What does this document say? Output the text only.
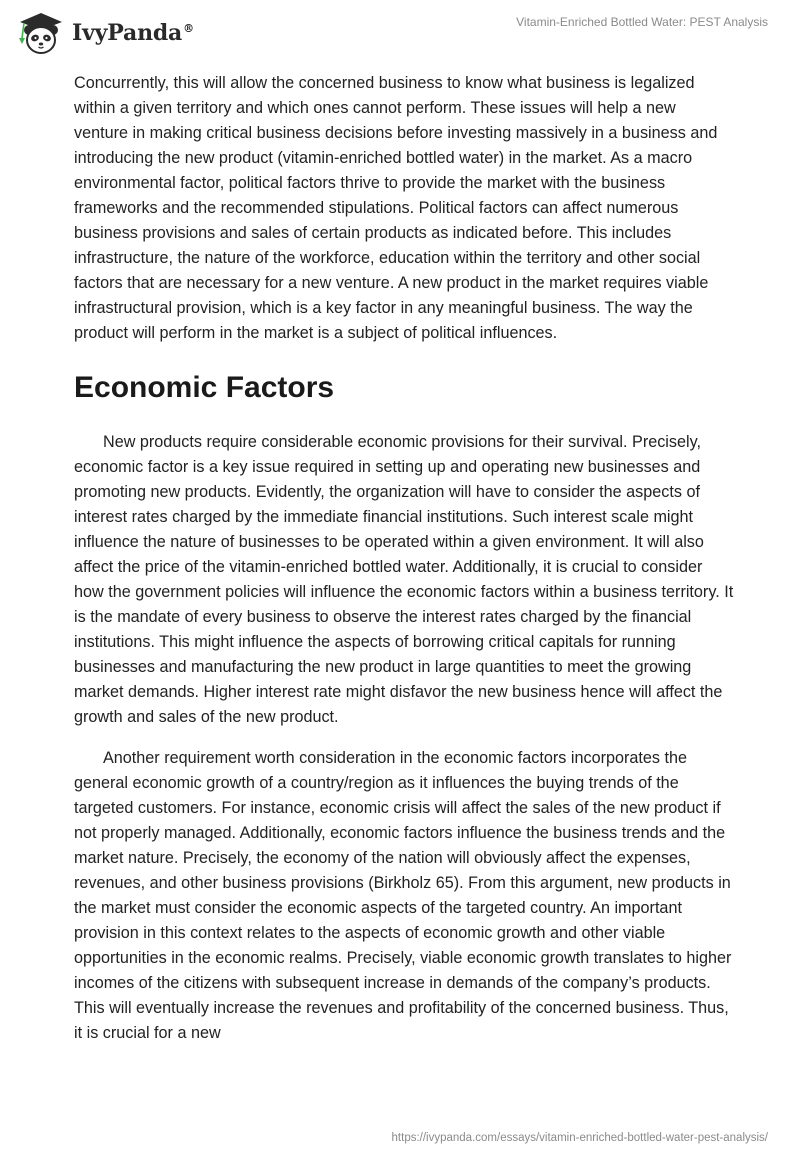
IvyPanda®	Vitamin-Enriched Bottled Water: PEST Analysis

Concurrently, this will allow the concerned business to know what business is legalized within a given territory and which ones cannot perform. These issues will help a new venture in making critical business decisions before investing massively in a business and introducing the new product (vitamin-enriched bottled water) in the market. As a macro environmental factor, political factors thrive to provide the market with the business frameworks and the recommended stipulations. Political factors can affect numerous business provisions and sales of certain products as indicated before. This includes infrastructure, the nature of the workforce, education within the territory and other social factors that are necessary for a new venture. A new product in the market requires viable infrastructural provision, which is a key factor in any meaningful business. The way the product will perform in the market is a subject of political influences.

Economic Factors

New products require considerable economic provisions for their survival. Precisely, economic factor is a key issue required in setting up and operating new businesses and promoting new products. Evidently, the organization will have to consider the aspects of interest rates charged by the immediate financial institutions. Such interest scale might influence the nature of businesses to be operated within a given environment. It will also affect the price of the vitamin-enriched bottled water. Additionally, it is crucial to consider how the government policies will influence the economic factors within a business territory. It is the mandate of every business to observe the interest rates charged by the financial institutions. This might influence the aspects of borrowing critical capitals for running businesses and manufacturing the new product in large quantities to meet the growing market demands. Higher interest rate might disfavor the new business hence will affect the growth and sales of the new product.

Another requirement worth consideration in the economic factors incorporates the general economic growth of a country/region as it influences the buying trends of the targeted customers. For instance, economic crisis will affect the sales of the new product if not properly managed. Additionally, economic factors influence the business trends and the market nature. Precisely, the economy of the nation will obviously affect the expenses, revenues, and other business provisions (Birkholz 65). From this argument, new products in the market must consider the economic aspects of the targeted country. An important provision in this context relates to the aspects of economic growth and other viable opportunities in the economic realms. Precisely, viable economic growth translates to higher incomes of the citizens with subsequent increase in demands of the company’s products. This will eventually increase the revenues and profitability of the concerned business. Thus, it is crucial for a new

https://ivypanda.com/essays/vitamin-enriched-bottled-water-pest-analysis/
